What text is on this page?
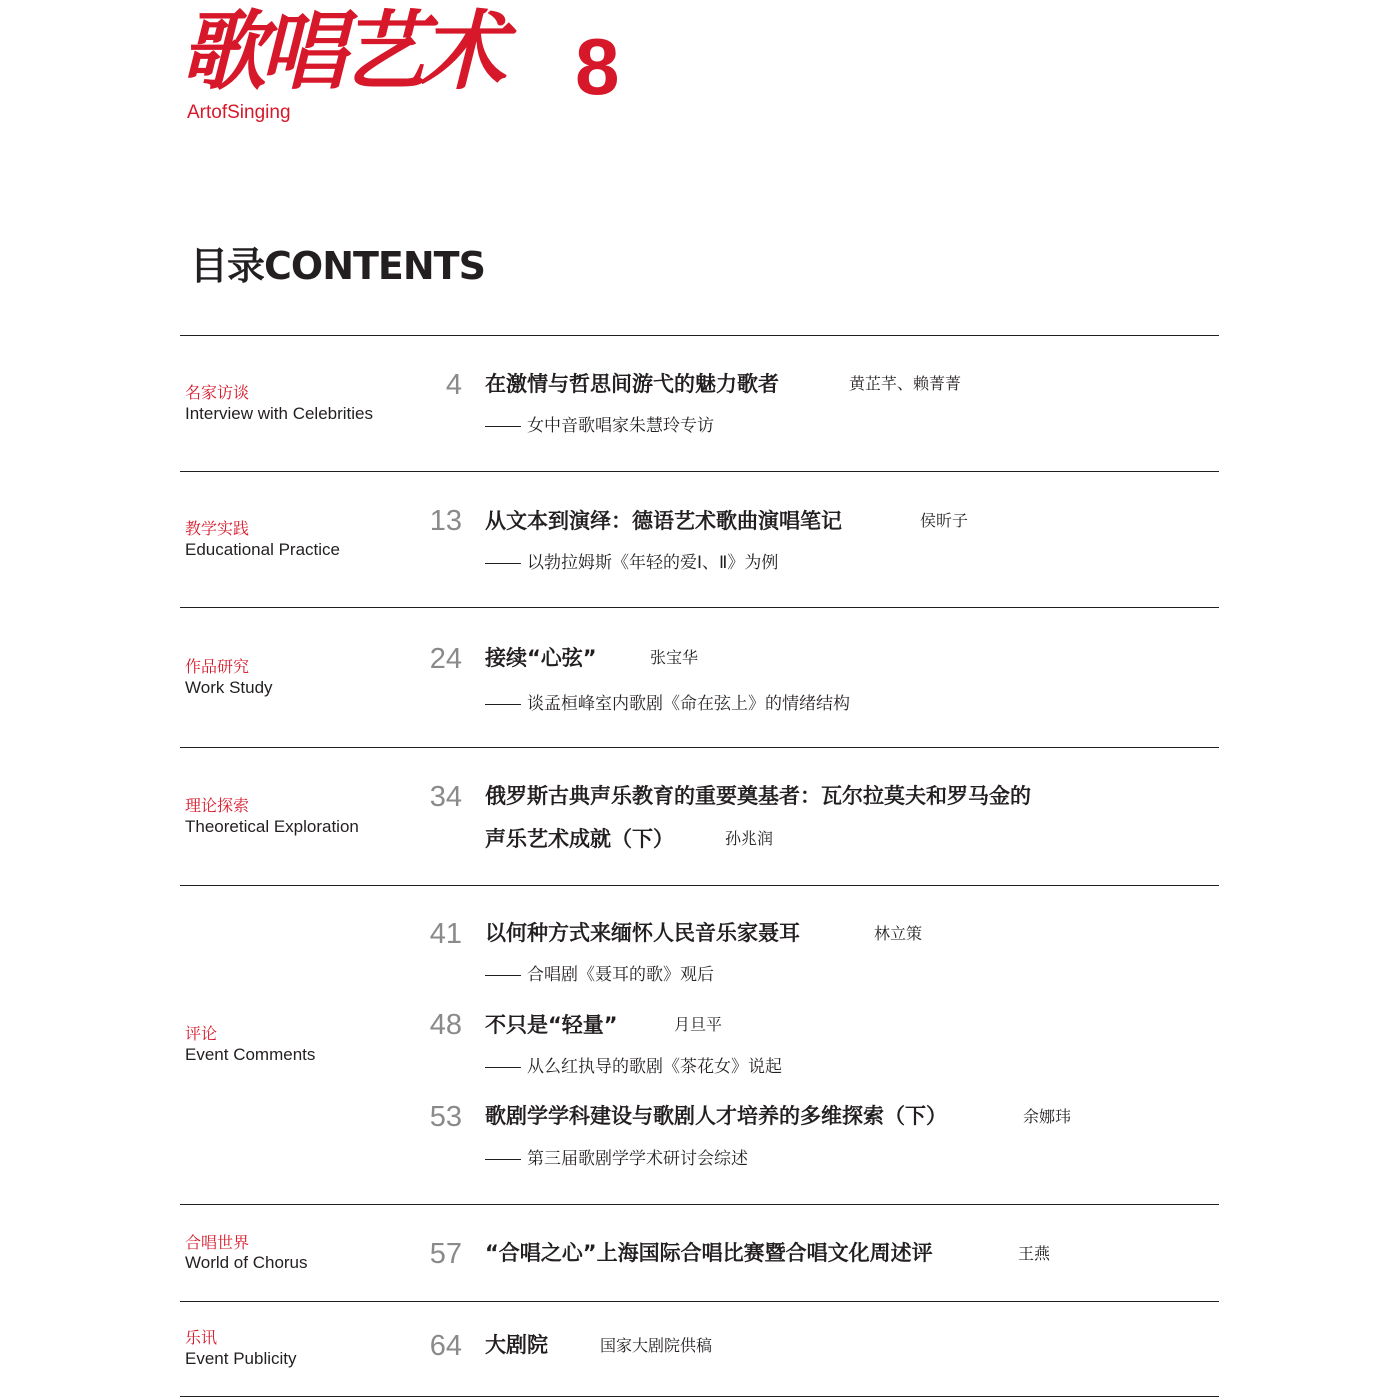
歌唱艺术 8
ArtofSinging
目录CONTENTS
名家访谈
Interview with Celebrities
4 在激情与哲思间游弋的魅力歌者	黄芷芊、赖菁菁
女中音歌唱家朱慧玲专访
教学实践
Educational Practice
13 从文本到演绎：德语艺术歌曲演唱笔记	侯昕子
以勃拉姆斯《年轻的爱Ⅰ、Ⅱ》为例
作品研究
Work Study
24 接续“心弦”	张宝华
谈孟桓峰室内歌剧《命在弦上》的情绪结构
理论探索
Theoretical Exploration
34 俄罗斯古典声乐教育的重要奠基者：瓦尔拉莫夫和罗马金的
声乐艺术成就（下）	孙兆润
评论
Event Comments
41 以何种方式来缅怀人民音乐家聂耳	林立策
合唱剧《聂耳的歌》观后
48 不只是“轻量”	月旦平
从么红执导的歌剧《茶花女》说起
53 歌剧学学科建设与歌剧人才培养的多维探索（下）	余娜玮
第三届歌剧学学术研讨会综述
合唱世界
World of Chorus	57 “合唱之心”上海国际合唱比赛暨合唱文化周述评	王燕
乐讯
Event Publicity	64 大剧院	国家大剧院供稿
